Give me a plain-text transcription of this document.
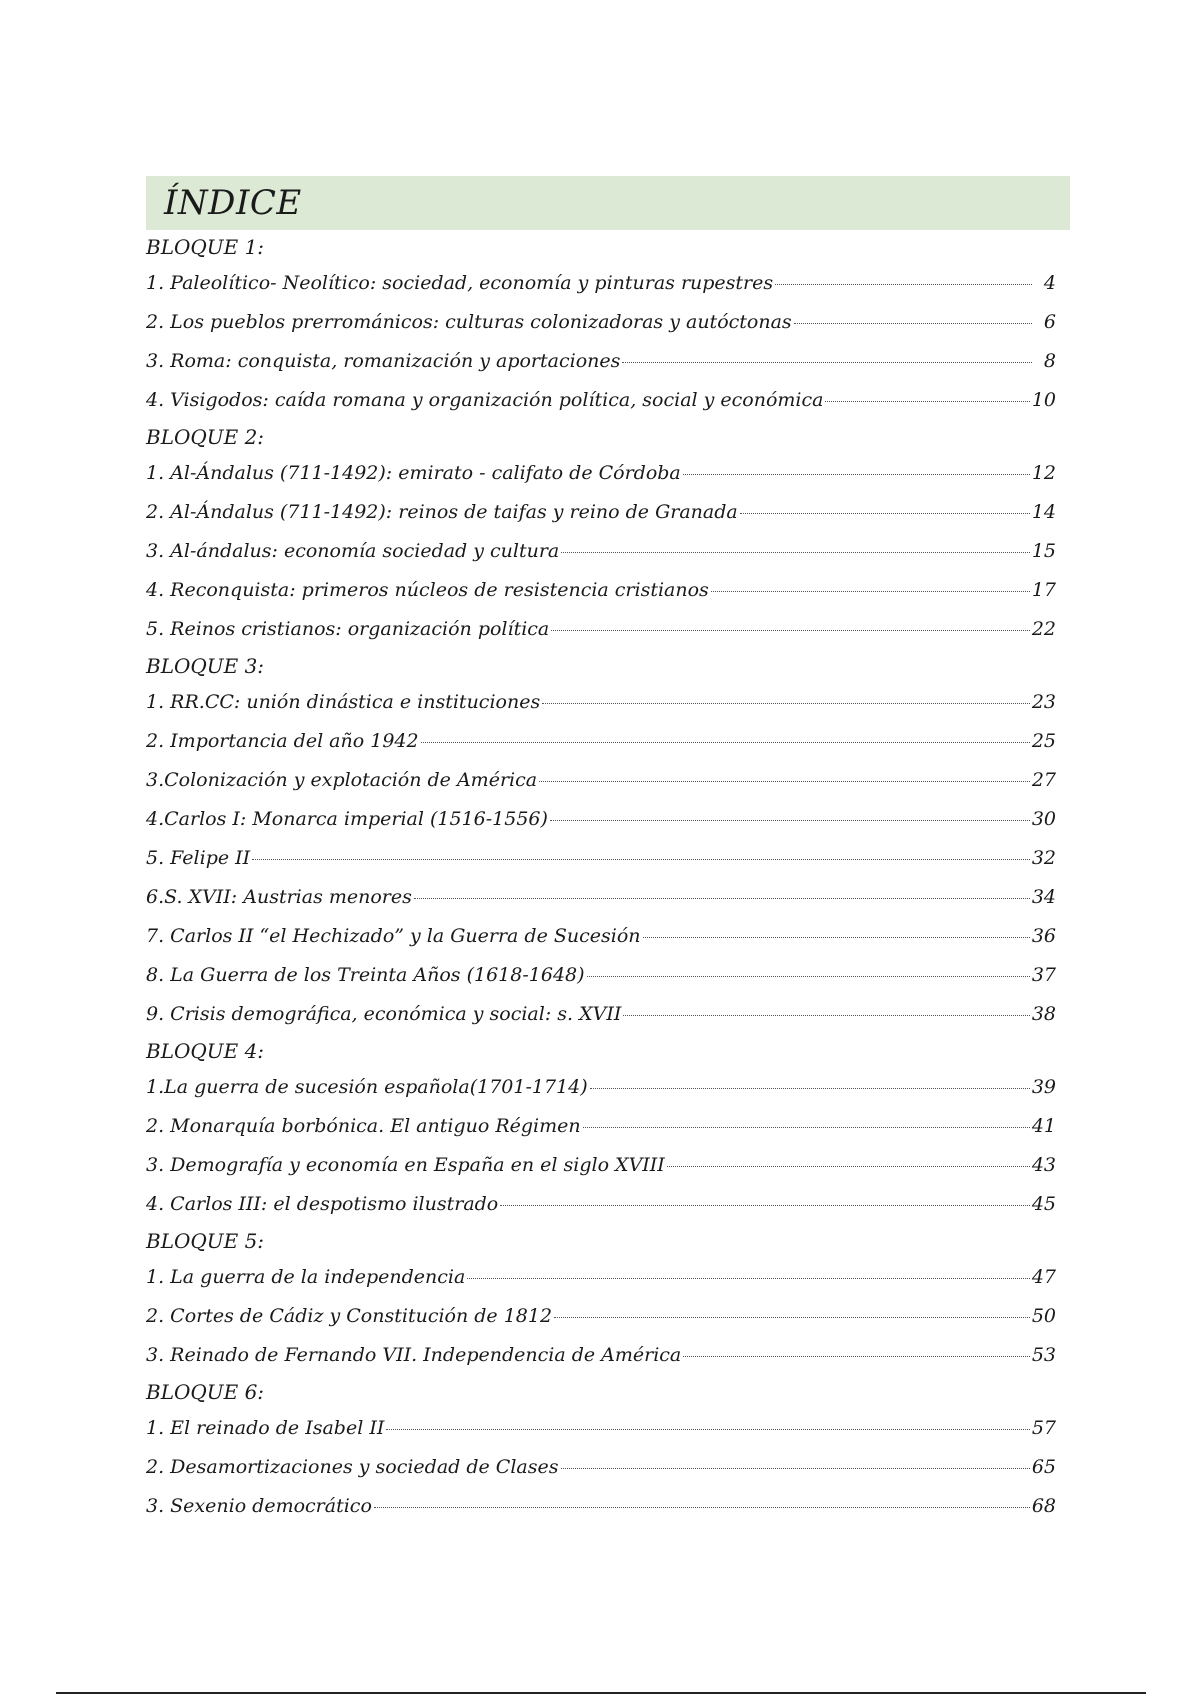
ÍNDICE
BLOQUE 1:
1. Paleolítico- Neolítico: sociedad, economía y pinturas rupestres	4
2. Los pueblos prerrománicos: culturas colonizadoras y autóctonas	6
3. Roma: conquista, romanización y aportaciones	8
4. Visigodos: caída romana y organización política, social y económica	10
BLOQUE 2:
1. Al-Ándalus (711-1492): emirato - califato de Córdoba	12
2. Al-Ándalus (711-1492): reinos de taifas y reino de Granada	14
3. Al-ándalus: economía sociedad y cultura	15
4. Reconquista: primeros núcleos de resistencia cristianos	17
5. Reinos cristianos: organización política	22
BLOQUE 3:
1. RR.CC: unión dinástica e instituciones	23
2. Importancia del año 1942	25
3.Colonización y explotación de América	27
4.Carlos I: Monarca imperial (1516-1556)	30
5. Felipe II	32
6.S. XVII: Austrias menores	34
7. Carlos II “el Hechizado” y la Guerra de Sucesión	36
8. La Guerra de los Treinta Años (1618-1648)	37
9. Crisis demográfica, económica y social: s. XVII	38
BLOQUE 4:
1.La guerra de sucesión española(1701-1714)	39
2. Monarquía borbónica. El antiguo Régimen	41
3. Demografía y economía en España en el siglo XVIII	43
4. Carlos III: el despotismo ilustrado	45
BLOQUE 5:
1. La guerra de la independencia	47
2. Cortes de Cádiz y Constitución de 1812	50
3. Reinado de Fernando VII. Independencia de América	53
BLOQUE 6:
1. El reinado de Isabel II	57
2. Desamortizaciones y sociedad de Clases	65
3. Sexenio democrático	68
